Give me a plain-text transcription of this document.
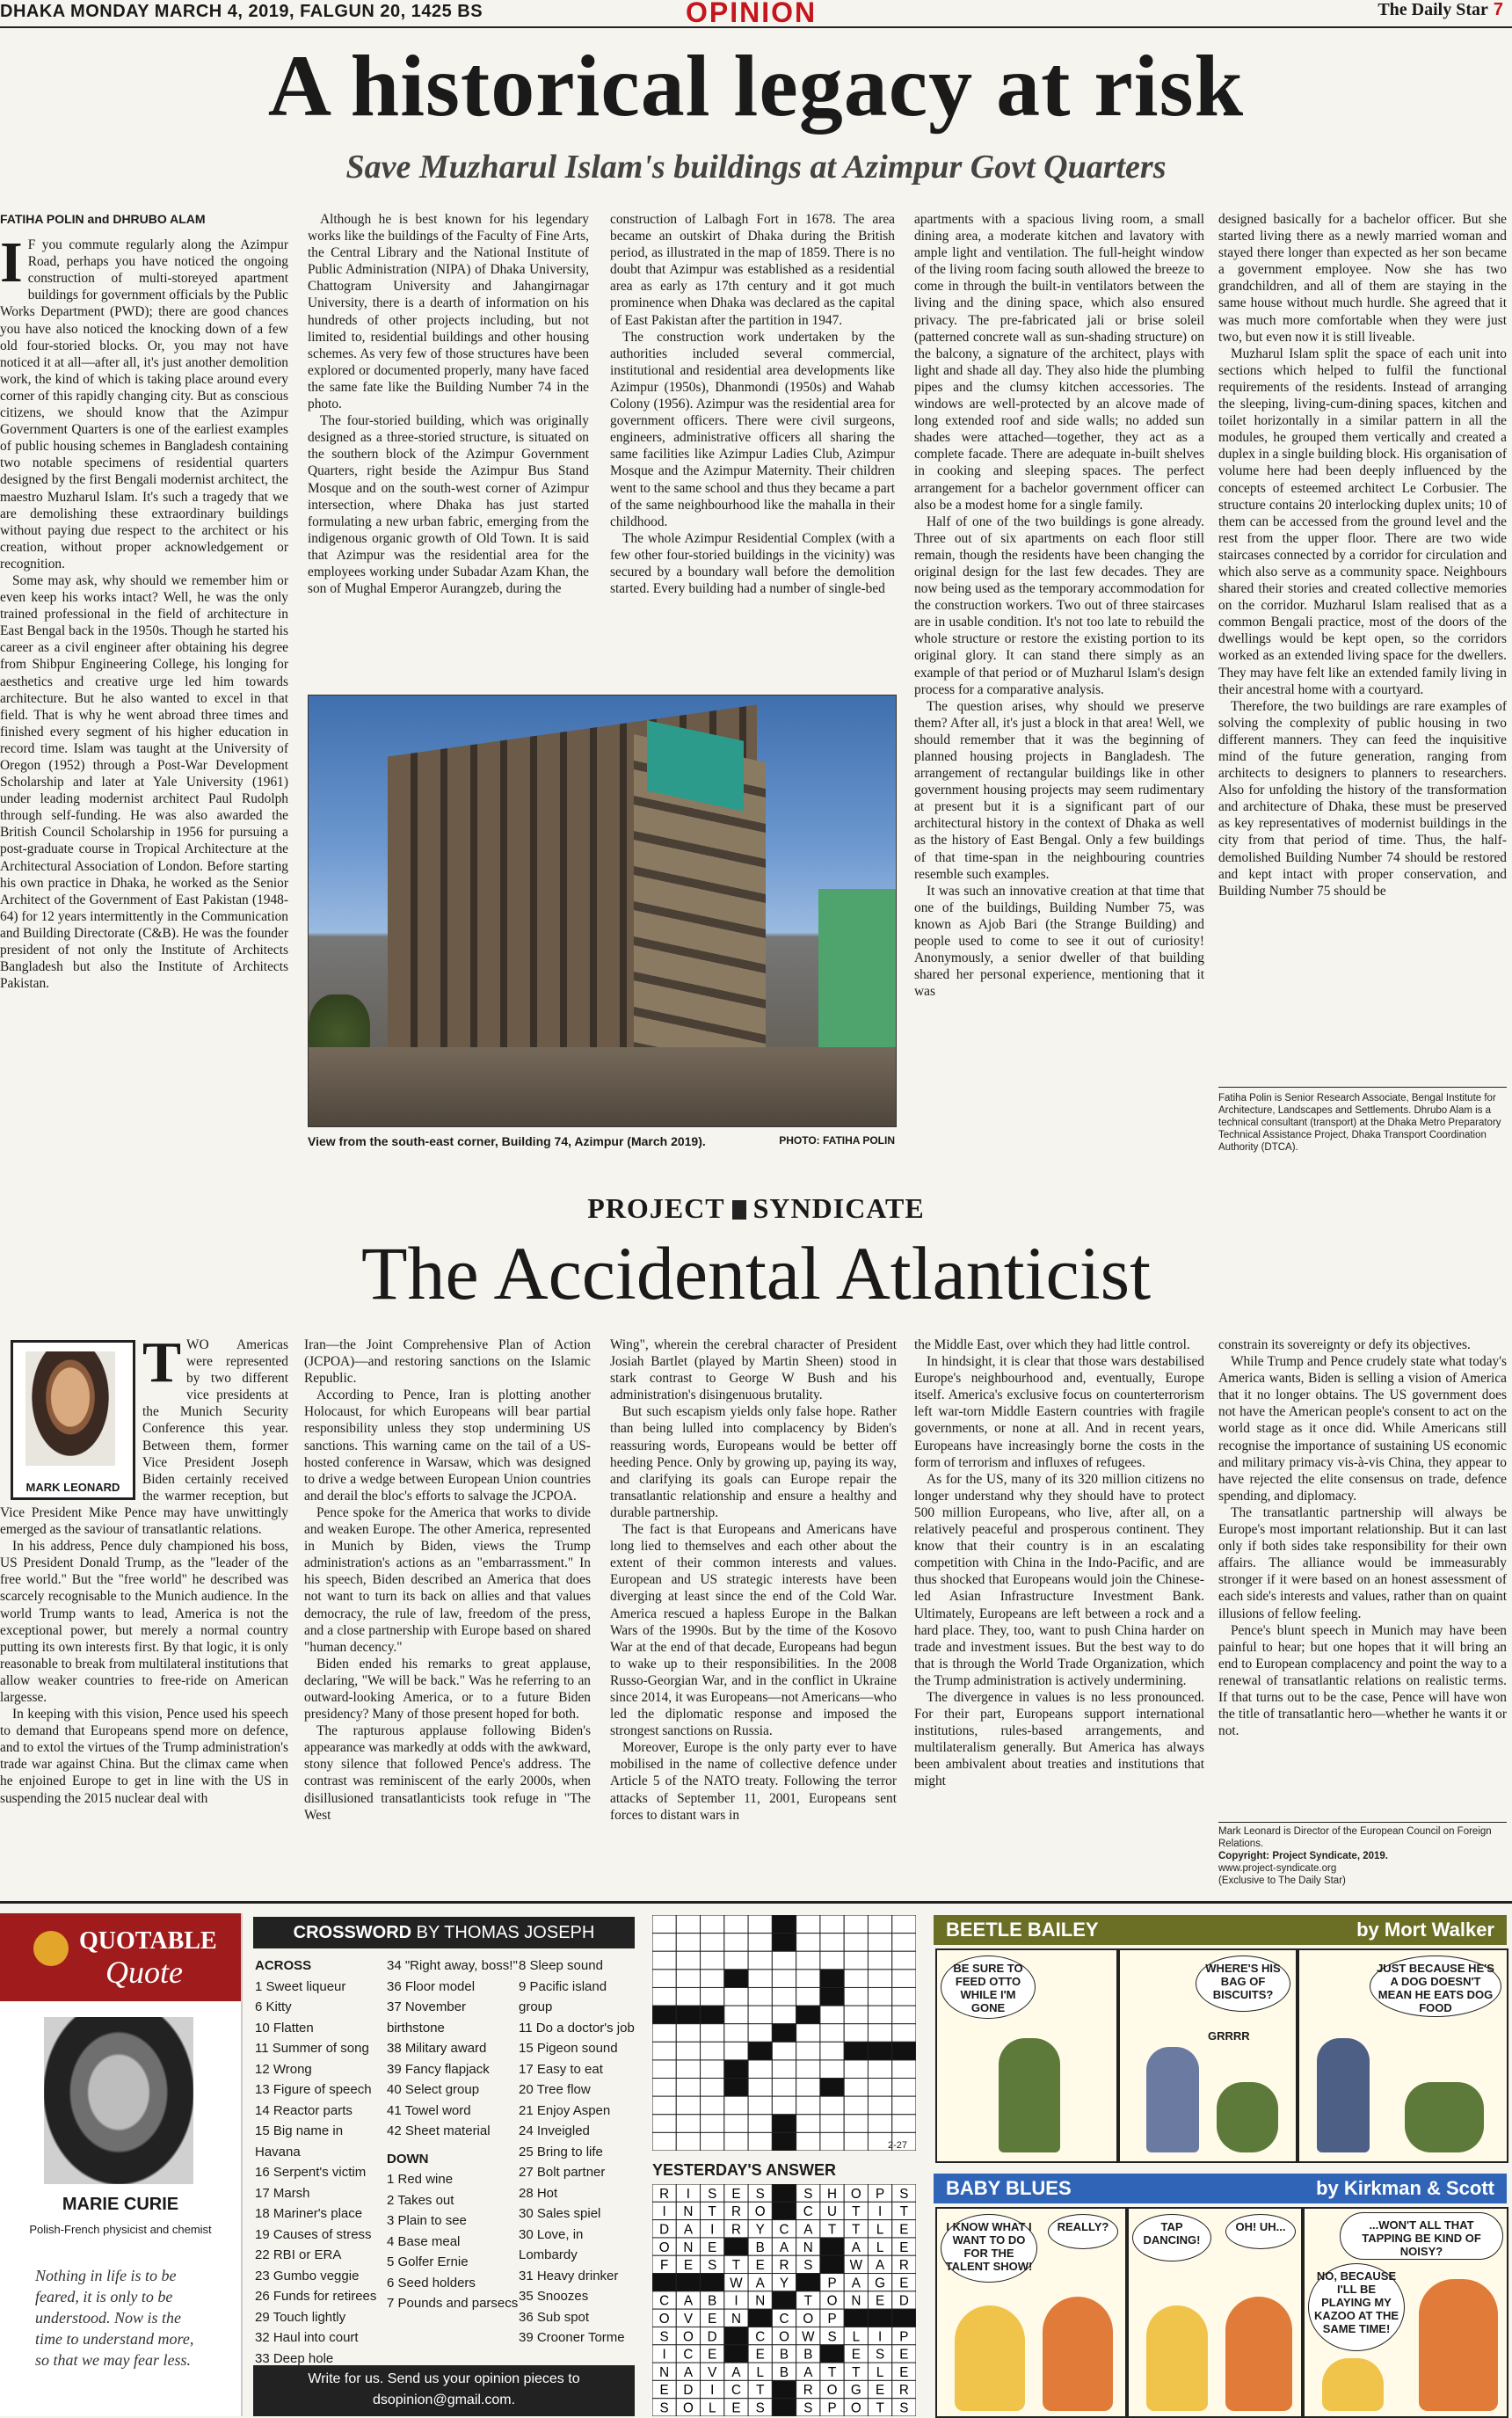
DHAKA MONDAY MARCH 4, 2019, FALGUN 20, 1425 BS	OPINION	The Daily Star 7
A historical legacy at risk
Save Muzharul Islam's buildings at Azimpur Govt Quarters
FATIHA POLIN and DHRUBO ALAM
I F you commute regularly along the Azimpur Road, perhaps you have noticed the ongoing construction of multi-storeyed apartment buildings for government officials by the Public Works Department (PWD); there are good chances you have also noticed the knocking down of a few old four-storied blocks. Or, you may not have noticed it at all—after all, it's just another demolition work, the kind of which is taking place around every corner of this rapidly changing city. But as conscious citizens, we should know that the Azimpur Government Quarters is one of the earliest examples of public housing schemes in Bangladesh containing two notable specimens of residential quarters designed by the first Bengali modernist architect, the maestro Muzharul Islam. It's such a tragedy that we are demolishing these extraordinary buildings without paying due respect to the architect or his creation, without proper acknowledgement or recognition.

Some may ask, why should we remember him or even keep his works intact? Well, he was the only trained professional in the field of architecture in East Bengal back in the 1950s. Though he started his career as a civil engineer after obtaining his degree from Shibpur Engineering College, his longing for aesthetics and creative urge led him towards architecture. But he also wanted to excel in that field. That is why he went abroad three times and finished every segment of his higher education in record time. Islam was taught at the University of Oregon (1952) through a Post-War Development Scholarship and later at Yale University (1961) under leading modernist architect Paul Rudolph through self-funding. He was also awarded the British Council Scholarship in 1956 for pursuing a post-graduate course in Tropical Architecture at the Architectural Association of London. Before starting his own practice in Dhaka, he worked as the Senior Architect of the Government of East Pakistan (1948-64) for 12 years intermittently in the Communication and Building Directorate (C&B). He was the founder president of not only the Institute of Architects Bangladesh but also the Institute of Architects Pakistan.

Although he is best known for his legendary works like the buildings of the Faculty of Fine Arts, the Central Library and the National Institute of Public Administration (NIPA) of Dhaka University, Chattogram University and Jahangirnagar University, there is a dearth of information on his hundreds of other projects including, but not limited to, residential buildings and other housing schemes. As very few of those structures have been explored or documented properly, many have faced the same fate like the Building Number 74 in the photo.

The four-storied building, which was originally designed as a three-storied structure, is situated on the southern block of the Azimpur Government Quarters, right beside the Azimpur Bus Stand Mosque and on the south-west corner of Azimpur intersection, where Dhaka has just started formulating a new urban fabric, emerging from the indigenous organic growth of Old Town. It is said that Azimpur was the residential area for the employees working under Subadar Azam Khan, the son of Mughal Emperor Aurangzeb, during the

construction of Lalbagh Fort in 1678. The area became an outskirt of Dhaka during the British period, as illustrated in the map of 1859. There is no doubt that Azimpur was established as a residential area as early as 17th century and it got much prominence when Dhaka was declared as the capital of East Pakistan after the partition in 1947.

The construction work undertaken by the authorities included several commercial, institutional and residential area developments like Azimpur (1950s), Dhanmondi (1950s) and Wahab Colony (1956). Azimpur was the residential area for government officers. There were civil surgeons, engineers, administrative officers all sharing the same facilities like Azimpur Ladies Club, Azimpur Mosque and the Azimpur Maternity. Their children went to the same school and thus they became a part of the same neighbourhood like the mahalla in their childhood.

The whole Azimpur Residential Complex (with a few other four-storied buildings in the vicinity) was secured by a boundary wall before the demolition started. Every building had a number of single-bed

View from the south-east corner, Building 74, Azimpur (March 2019).	PHOTO: FATIHA POLIN

apartments with a spacious living room, a small dining area, a moderate kitchen and lavatory with ample light and ventilation. The full-height window of the living room facing south allowed the breeze to come in through the built-in ventilators between the living and the dining space, which also ensured privacy. The pre-fabricated jali or brise soleil (patterned concrete wall as sun-shading structure) on the balcony, a signature of the architect, plays with light and shade all day. They also hide the plumbing pipes and the clumsy kitchen accessories. The windows are well-protected by an alcove made of long extended roof and side walls; no added sun shades were attached—together, they act as a complete facade. There are adequate in-built shelves in cooking and sleeping spaces. The perfect arrangement for a bachelor government officer can also be a modest home for a single family.

Half of one of the two buildings is gone already. Three out of six apartments on each floor still remain, though the residents have been changing the original design for the last few decades. They are now being used as the temporary accommodation for the construction workers. Two out of three staircases are in usable condition. It's not too late to rebuild the whole structure or restore the existing portion to its original glory. It can stand there simply as an example of that period or of Muzharul Islam's design process for a comparative analysis.

The question arises, why should we preserve them? After all, it's just a block in that area! Well, we should remember that it was the beginning of planned housing projects in Bangladesh. The arrangement of rectangular buildings like in other government housing projects may seem rudimentary at present but it is a significant part of our architectural history in the context of Dhaka as well as the history of East Bengal. Only a few buildings of that time-span in the neighbouring countries resemble such examples.

It was such an innovative creation at that time that one of the buildings, Building Number 75, was known as Ajob Bari (the Strange Building) and people used to come to see it out of curiosity! Anonymously, a senior dweller of that building shared her personal experience, mentioning that it was

designed basically for a bachelor officer. But she started living there as a newly married woman and stayed there longer than expected as her son became a government employee. Now she has two grandchildren, and all of them are staying in the same house without much hurdle. She agreed that it was much more comfortable when they were just two, but even now it is still liveable.

Muzharul Islam split the space of each unit into sections which helped to fulfil the functional requirements of the residents. Instead of arranging the sleeping, living-cum-dining spaces, kitchen and toilet horizontally in a similar pattern in all the modules, he grouped them vertically and created a duplex in a single building block. His organisation of volume here had been deeply influenced by the concepts of esteemed architect Le Corbusier. The structure contains 20 interlocking duplex units; 10 of them can be accessed from the ground level and the rest from the upper floor. There are two wide staircases connected by a corridor for circulation and which also serve as a community space. Neighbours shared their stories and created collective memories on the corridor. Muzharul Islam realised that as a common Bengali practice, most of the doors of the dwellings would be kept open, so the corridors worked as an extended living space for the dwellers. They may have felt like an extended family living in their ancestral home with a courtyard.

Therefore, the two buildings are rare examples of solving the complexity of public housing in two different manners. They can feed the inquisitive mind of the future generation, ranging from architects to designers to planners to researchers. Also for unfolding the history of the transformation and architecture of Dhaka, these must be preserved as key representatives of modernist buildings in the city from that period of time. Thus, the half-demolished Building Number 74 should be restored and kept intact with proper conservation, and Building Number 75 should be

Fatiha Polin is Senior Research Associate, Bengal Institute for Architecture, Landscapes and Settlements. Dhrubo Alam is a technical consultant (transport) at the Dhaka Metro Preparatory Technical Assistance Project, Dhaka Transport Coordination Authority (DTCA).
PROJECT SYNDICATE
The Accidental Atlanticist
MARK LEONARD
T WO Americas were represented by two different vice presidents at the Munich Security Conference this year. Between them, former Vice President Joseph Biden certainly received the warmer reception, but Vice President Mike Pence may have unwittingly emerged as the saviour of transatlantic relations.

In his address, Pence duly championed his boss, US President Donald Trump, as the "leader of the free world." But the "free world" he described was scarcely recognisable to the Munich audience. In the world Trump wants to lead, America is not the exceptional power, but merely a normal country putting its own interests first. By that logic, it is only reasonable to break from multilateral institutions that allow weaker countries to free-ride on American largesse.

In keeping with this vision, Pence used his speech to demand that Europeans spend more on defence, and to extol the virtues of the Trump administration's trade war against China. But the climax came when he enjoined Europe to get in line with the US in suspending the 2015 nuclear deal with

Iran—the Joint Comprehensive Plan of Action (JCPOA)—and restoring sanctions on the Islamic Republic.

According to Pence, Iran is plotting another Holocaust, for which Europeans will bear partial responsibility unless they stop undermining US sanctions. This warning came on the tail of a US-hosted conference in Warsaw, which was designed to drive a wedge between European Union countries and derail the bloc's efforts to salvage the JCPOA.

Pence spoke for the America that works to divide and weaken Europe. The other America, represented in Munich by Biden, views the Trump administration's actions as an "embarrassment." In his speech, Biden described an America that does not want to turn its back on allies and that values democracy, the rule of law, freedom of the press, and a close partnership with Europe based on shared "human decency."

Biden ended his remarks to great applause, declaring, "We will be back." Was he referring to an outward-looking America, or to a future Biden presidency? Many of those present hoped for both.

The rapturous applause following Biden's appearance was markedly at odds with the awkward, stony silence that followed Pence's address. The contrast was reminiscent of the early 2000s, when disillusioned transatlanticists took refuge in "The West

Wing", wherein the cerebral character of President Josiah Bartlet (played by Martin Sheen) stood in stark contrast to George W Bush and his administration's disingenuous brutality.

But such escapism yields only false hope. Rather than being lulled into complacency by Biden's reassuring words, Europeans would be better off heeding Pence. Only by growing up, paying its way, and clarifying its goals can Europe repair the transatlantic relationship and ensure a healthy and durable partnership.

The fact is that Europeans and Americans have long lied to themselves and each other about the extent of their common interests and values. European and US strategic interests have been diverging at least since the end of the Cold War. America rescued a hapless Europe in the Balkan Wars of the 1990s. But by the time of the Kosovo War at the end of that decade, Europeans had begun to wake up to their responsibilities. In the 2008 Russo-Georgian War, and in the conflict in Ukraine since 2014, it was Europeans—not Americans—who led the diplomatic response and imposed the strongest sanctions on Russia.

Moreover, Europe is the only party ever to have mobilised in the name of collective defence under Article 5 of the NATO treaty. Following the terror attacks of September 11, 2001, Europeans sent forces to distant wars in

the Middle East, over which they had little control.

In hindsight, it is clear that those wars destabilised Europe's neighbourhood and, eventually, Europe itself. America's exclusive focus on counterterrorism left war-torn Middle Eastern countries with fragile governments, or none at all. And in recent years, Europeans have increasingly borne the costs in the form of terrorism and influxes of refugees.

As for the US, many of its 320 million citizens no longer understand why they should have to protect 500 million Europeans, who live, after all, on a relatively peaceful and prosperous continent. They know that their country is in an escalating competition with China in the Indo-Pacific, and are thus shocked that Europeans would join the Chinese-led Asian Infrastructure Investment Bank. Ultimately, Europeans are left between a rock and a hard place. They, too, want to push China harder on trade and investment issues. But the best way to do that is through the World Trade Organization, which the Trump administration is actively undermining.

The divergence in values is no less pronounced. For their part, Europeans support international institutions, rules-based arrangements, and multilateralism generally. But America has always been ambivalent about treaties and institutions that might

constrain its sovereignty or defy its objectives.

While Trump and Pence crudely state what today's America wants, Biden is selling a vision of America that it no longer obtains. The US government does not have the American people's consent to act on the world stage as it once did. While Americans still recognise the importance of sustaining US economic and military primacy vis-à-vis China, they appear to have rejected the elite consensus on trade, defence spending, and diplomacy.

The transatlantic partnership will always be Europe's most important relationship. But it can last only if both sides take responsibility for their own affairs. The alliance would be immeasurably stronger if it were based on an honest assessment of each side's interests and values, rather than on quaint illusions of fellow feeling.

Pence's blunt speech in Munich may have been painful to hear; but one hopes that it will bring an end to European complacency and point the way to a renewal of transatlantic relations on realistic terms. If that turns out to be the case, Pence will have won the title of transatlantic hero—whether he wants it or not.

Mark Leonard is Director of the European Council on Foreign Relations.
Copyright: Project Syndicate, 2019.
www.project-syndicate.org
(Exclusive to The Daily Star)
QUOTABLE
Quote
MARIE CURIE
Polish-French physicist and chemist
Nothing in life is to be feared, it is only to be understood. Now is the time to understand more, so that we may fear less.
CROSSWORD BY THOMAS JOSEPH
ACROSS
1 Sweet liqueur
6 Kitty
10 Flatten
11 Summer of song
12 Wrong
13 Figure of speech
14 Reactor parts
15 Big name in Havana
16 Serpent's victim
17 Marsh
18 Mariner's place
19 Causes of stress
22 RBI or ERA
23 Gumbo veggie
26 Funds for retirees
29 Touch lightly
32 Haul into court
33 Deep hole
34 "Right away, boss!"
36 Floor model
37 November birthstone
38 Military award
39 Fancy flapjack
40 Select group
41 Towel word
42 Sheet material
DOWN
1 Red wine
2 Takes out
3 Plain to see
4 Base meal
5 Golfer Ernie
6 Seed holders
7 Pounds and parsecs
8 Sleep sound
9 Pacific island group
11 Do a doctor's job
15 Pigeon sound
17 Easy to eat
20 Tree flow
21 Enjoy Aspen
24 Inveigled
25 Bring to life
27 Bolt partner
28 Hot
30 Sales spiel
30 Love, in Lombardy
31 Heavy drinker
35 Snoozes
36 Sub spot
39 Crooner Torme
Write for us. Send us your opinion pieces to
dsopinion@gmail.com.
2-27
YESTERDAY'S ANSWER
R I S E S	S H O P S
I N T R O	C U T I T
D A I R Y C A T T L E
O N E	B A N	A L E
F E S T E R S	W A R
W A Y	P A G E
C A B I N	T O N E D
O V E N	C O P
S O D	C O W S L I P
I C E	E B B	E S E
N A V A L B A T T L E
E D I C T	R O G E R
S O L E S	S P O T S
BEETLE BAILEY	by Mort Walker
BE SURE TO FEED OTTO WHILE I'M GONE
WHERE'S HIS BAG OF BISCUITS?
GRRRR
JUST BECAUSE HE'S A DOG DOESN'T MEAN HE EATS DOG FOOD
BABY BLUES	by Kirkman & Scott
I KNOW WHAT I WANT TO DO FOR THE TALENT SHOW!
REALLY?	TAP DANCING!
OH! UH...	...WON'T ALL THAT TAPPING BE KIND OF NOISY?
NO, BECAUSE I'LL BE PLAYING MY KAZOO AT THE SAME TIME!
